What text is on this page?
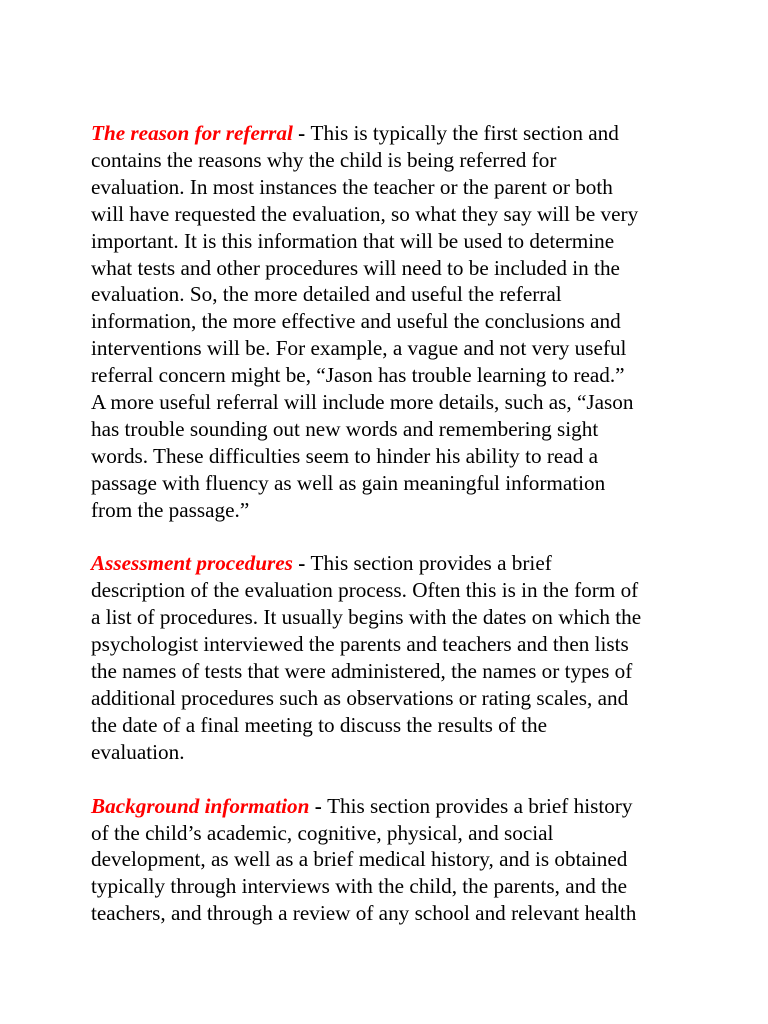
The reason for referral - This is typically the first section and
contains the reasons why the child is being referred for
evaluation. In most instances the teacher or the parent or both
will have requested the evaluation, so what they say will be very
important. It is this information that will be used to determine
what tests and other procedures will need to be included in the
evaluation. So, the more detailed and useful the referral
information, the more effective and useful the conclusions and
interventions will be. For example, a vague and not very useful
referral concern might be, “Jason has trouble learning to read.”
A more useful referral will include more details, such as, “Jason
has trouble sounding out new words and remembering sight
words. These difficulties seem to hinder his ability to read a
passage with fluency as well as gain meaningful information
from the passage.”

Assessment procedures - This section provides a brief
description of the evaluation process. Often this is in the form of
a list of procedures. It usually begins with the dates on which the
psychologist interviewed the parents and teachers and then lists
the names of tests that were administered, the names or types of
additional procedures such as observations or rating scales, and
the date of a final meeting to discuss the results of the
evaluation.

Background information - This section provides a brief history
of the child’s academic, cognitive, physical, and social
development, as well as a brief medical history, and is obtained
typically through interviews with the child, the parents, and the
teachers, and through a review of any school and relevant health
